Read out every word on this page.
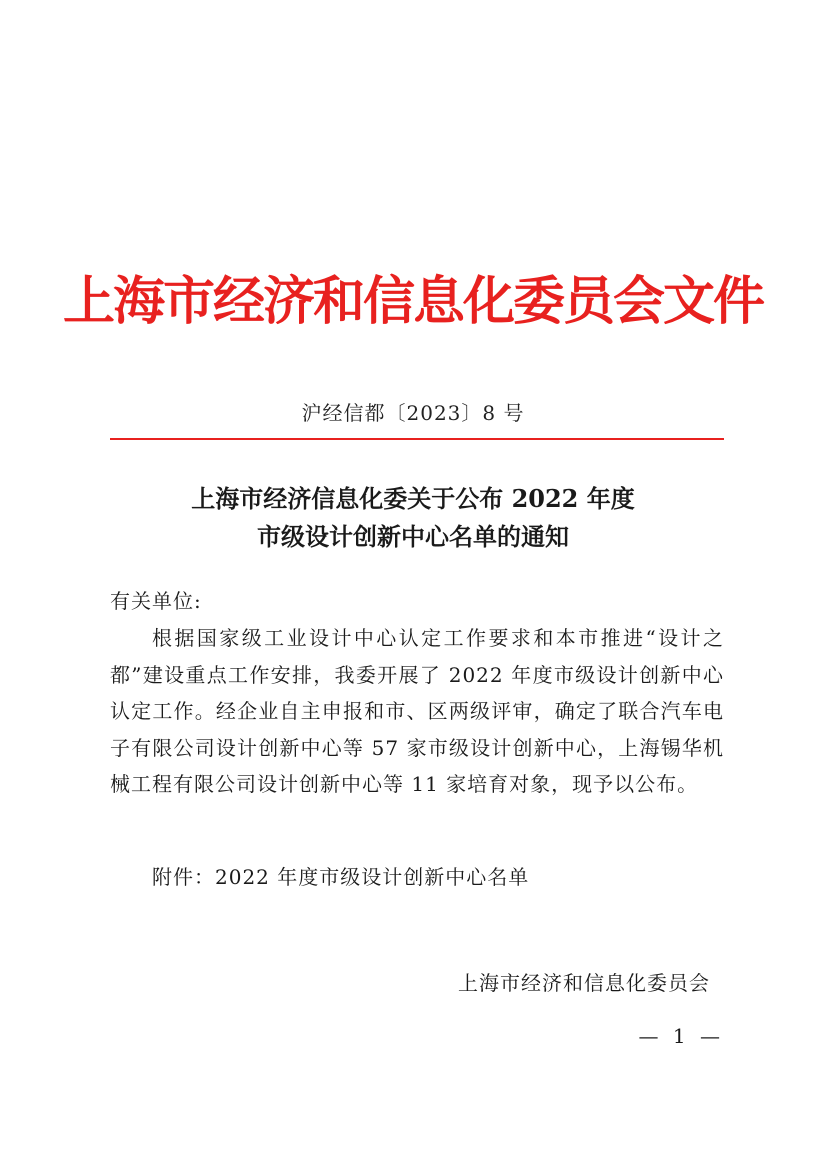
上海市经济和信息化委员会文件
沪经信都〔2023〕8 号
上海市经济信息化委关于公布 2022 年度
市级设计创新中心名单的通知
有关单位:
根据国家级工业设计中心认定工作要求和本市推进“设计之都”建设重点工作安排，我委开展了 2022 年度市级设计创新中心认定工作。经企业自主申报和市、区两级评审，确定了联合汽车电子有限公司设计创新中心等 57 家市级设计创新中心，上海锡华机械工程有限公司设计创新中心等 11 家培育对象，现予以公布。
附件：2022 年度市级设计创新中心名单
上海市经济和信息化委员会
— 1 —
